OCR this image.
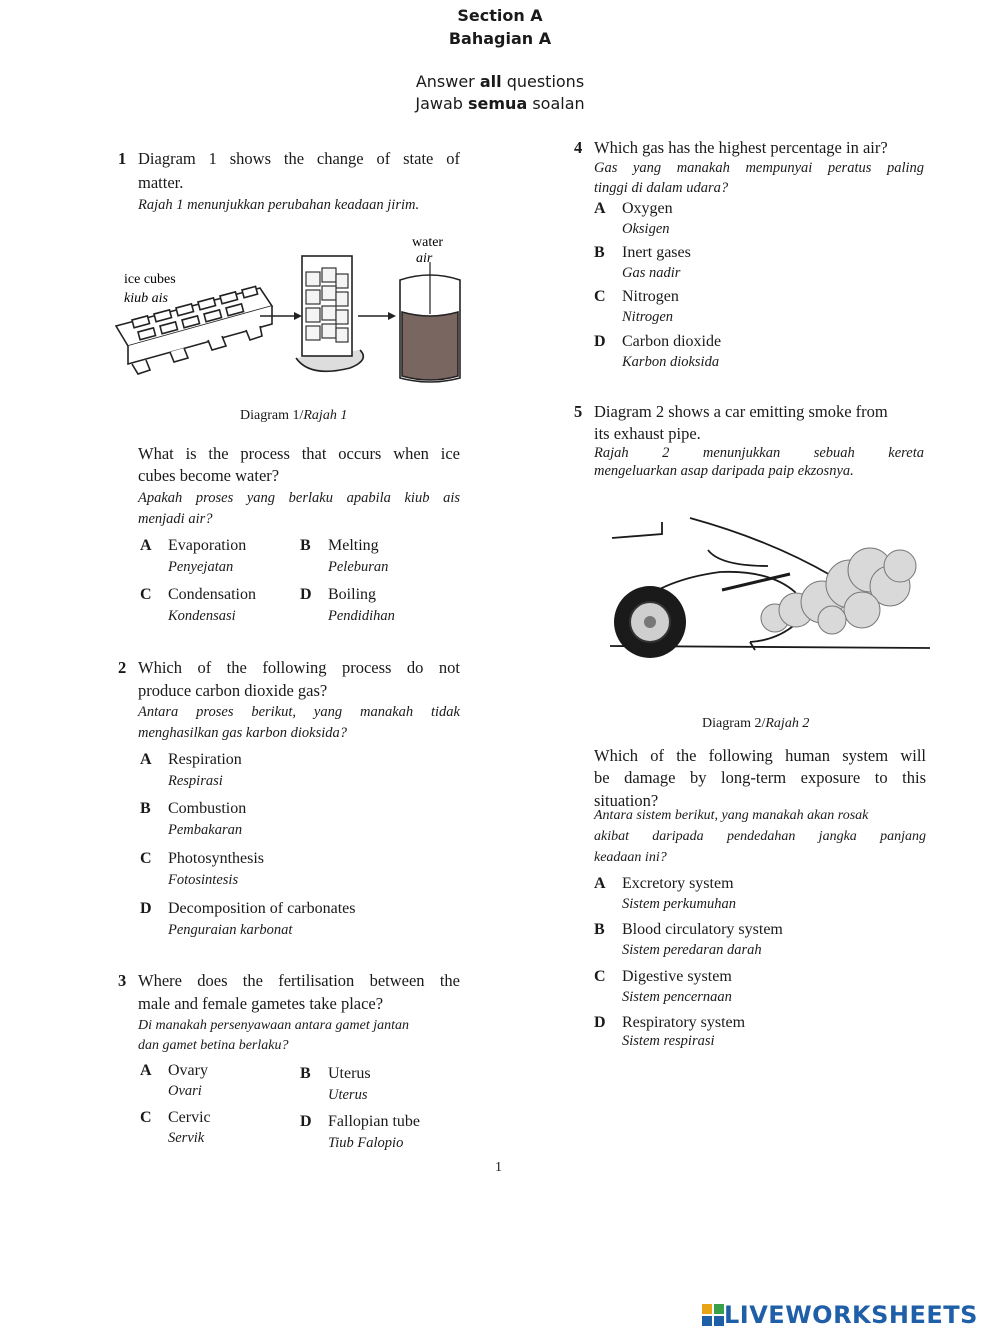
Section A
Bahagian A
Answer all questions
Jawab semua soalan
1 Diagram 1 shows the change of state of
matter.
Rajah 1 menunjukkan perubahan keadaan jirim.
ice cubes
kiub ais
water
air
Diagram 1/Rajah 1
What is the process that occurs when ice
cubes become water?
Apakah proses yang berlaku apabila kiub ais
menjadi air?
A Evaporation
Penyejatan
B Melting
Peleburan
C Condensation
Kondensasi
D Boiling
Pendidihan
2 Which of the following process do not
produce carbon dioxide gas?
Antara proses berikut, yang manakah tidak
menghasilkan gas karbon dioksida?
A Respiration
Respirasi
B Combustion
Pembakaran
C Photosynthesis
Fotosintesis
D Decomposition of carbonates
Penguraian karbonat
3 Where does the fertilisation between the
male and female gametes take place?
Di manakah persenyawaan antara gamet jantan
dan gamet betina berlaku?
A Ovary
Ovari
B Uterus
Uterus
C Cervic
Servik
D Fallopian tube
Tiub Falopio
4 Which gas has the highest percentage in air?
Gas yang manakah mempunyai peratus paling
tinggi di dalam udara?
A Oxygen
Oksigen
B Inert gases
Gas nadir
C Nitrogen
Nitrogen
D Carbon dioxide
Karbon dioksida
5 Diagram 2 shows a car emitting smoke from
its exhaust pipe.
Rajah 2 menunjukkan sebuah kereta
mengeluarkan asap daripada paip ekzosnya.
Diagram 2/Rajah 2
Which of the following human system will
be damage by long-term exposure to this
situation?
Antara sistem berikut, yang manakah akan rosak
akibat daripada pendedahan jangka panjang
keadaan ini?
A Excretory system
Sistem perkumuhan
B Blood circulatory system
Sistem peredaran darah
C Digestive system
Sistem pencernaan
D Respiratory system
Sistem respirasi
1
LIVEWORKSHEETS
